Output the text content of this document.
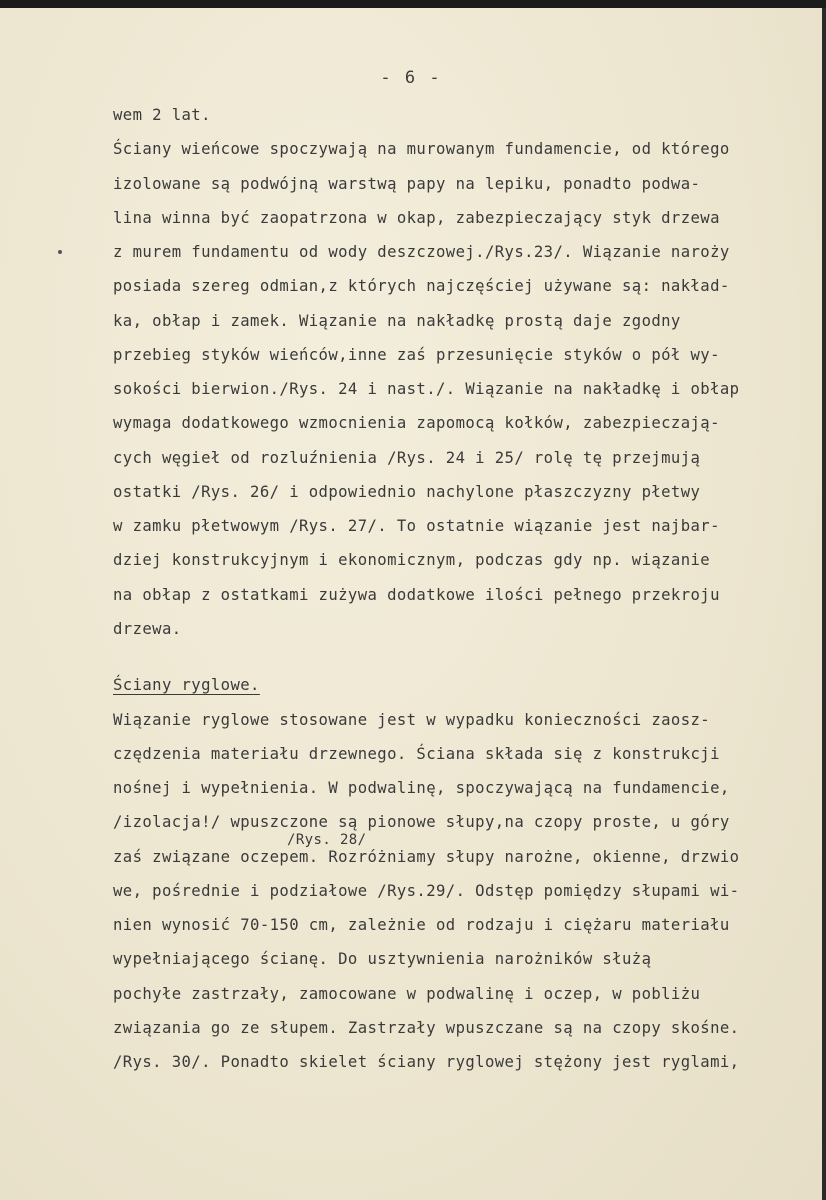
- 6 -
wem 2 lat.
Ściany wieńcowe spoczywają na murowanym fundamencie, od którego
izolowane są podwójną warstwą papy na lepiku, ponadto podwa-
lina winna być zaopatrzona w okap, zabezpieczający styk drzewa
z murem fundamentu od wody deszczowej./Rys.23/. Wiązanie naroży
posiada szereg odmian,z których najczęściej używane są: nakład-
ka, obłap i zamek. Wiązanie na nakładkę prostą daje zgodny
przebieg styków wieńców,inne zaś przesunięcie styków o pół wy-
sokości bierwion./Rys. 24 i nast./. Wiązanie na nakładkę i obłap
wymaga dodatkowego wzmocnienia zapomocą kołków, zabezpieczają-
cych węgieł od rozluźnienia /Rys. 24 i 25/ rolę tę przejmują
ostatki /Rys. 26/ i odpowiednio nachylone płaszczyzny płetwy
w zamku płetwowym /Rys. 27/. To ostatnie wiązanie jest najbar-
dziej konstrukcyjnym i ekonomicznym, podczas gdy np. wiązanie
na obłap z ostatkami zużywa dodatkowe ilości pełnego przekroju
drzewa.
Ściany ryglowe.
Wiązanie ryglowe stosowane jest w wypadku konieczności zaosz-
czędzenia materiału drzewnego. Ściana składa się z konstrukcji
nośnej i wypełnienia. W podwalinę, spoczywającą na fundamencie,
/izolacja!/ wpuszczone są pionowe słupy,na czopy proste, u góry
/Rys. 28/
zaś związane oczepem. Rozróżniamy słupy narożne, okienne, drzwio
we, pośrednie i podziałowe /Rys.29/. Odstęp pomiędzy słupami wi-
nien wynosić 70-150 cm, zależnie od rodzaju i ciężaru materiału
wypełniającego ścianę. Do usztywnienia narożników służą
pochyłe zastrzały, zamocowane w podwalinę i oczep, w pobliżu
związania go ze słupem. Zastrzały wpuszczane są na czopy skośne.
/Rys. 30/. Ponadto skielet ściany ryglowej stężony jest ryglami,
